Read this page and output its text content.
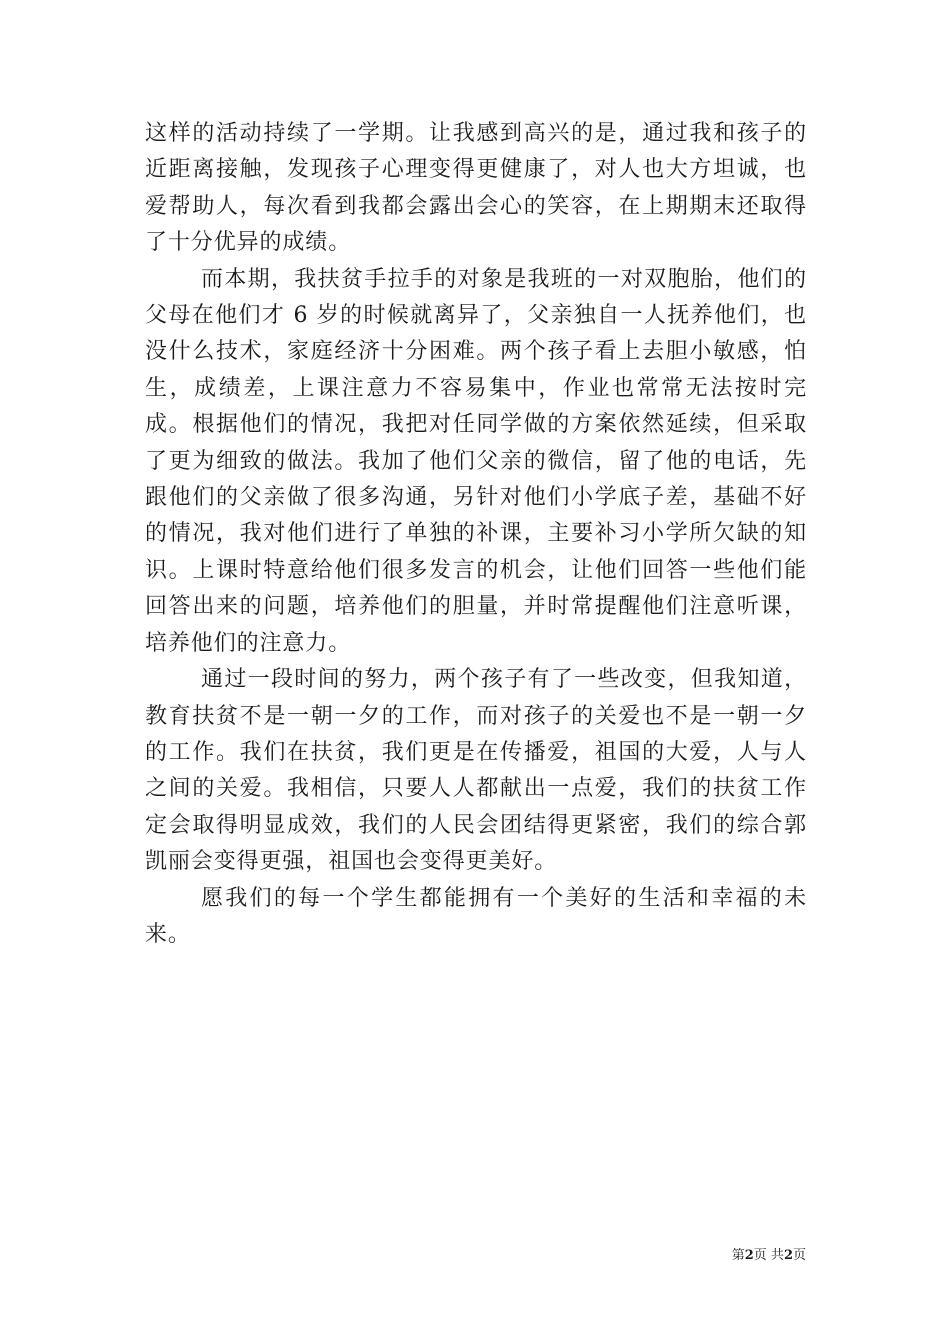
这样的活动持续了一学期。让我感到高兴的是，通过我和孩子的近距离接触，发现孩子心理变得更健康了，对人也大方坦诚，也爱帮助人，每次看到我都会露出会心的笑容，在上期期末还取得了十分优异的成绩。

而本期，我扶贫手拉手的对象是我班的一对双胞胎，他们的父母在他们才 6 岁的时候就离异了，父亲独自一人抚养他们，也没什么技术，家庭经济十分困难。两个孩子看上去胆小敏感，怕生，成绩差，上课注意力不容易集中，作业也常常无法按时完成。根据他们的情况，我把对任同学做的方案依然延续，但采取了更为细致的做法。我加了他们父亲的微信，留了他的电话，先跟他们的父亲做了很多沟通，另针对他们小学底子差，基础不好的情况，我对他们进行了单独的补课，主要补习小学所欠缺的知识。上课时特意给他们很多发言的机会，让他们回答一些他们能回答出来的问题，培养他们的胆量，并时常提醒他们注意听课，培养他们的注意力。

通过一段时间的努力，两个孩子有了一些改变，但我知道，教育扶贫不是一朝一夕的工作，而对孩子的关爱也不是一朝一夕的工作。我们在扶贫，我们更是在传播爱，祖国的大爱，人与人之间的关爱。我相信，只要人人都献出一点爱，我们的扶贫工作定会取得明显成效，我们的人民会团结得更紧密，我们的综合郭凯丽会变得更强，祖国也会变得更美好。

愿我们的每一个学生都能拥有一个美好的生活和幸福的未来。

第2页 共2页
